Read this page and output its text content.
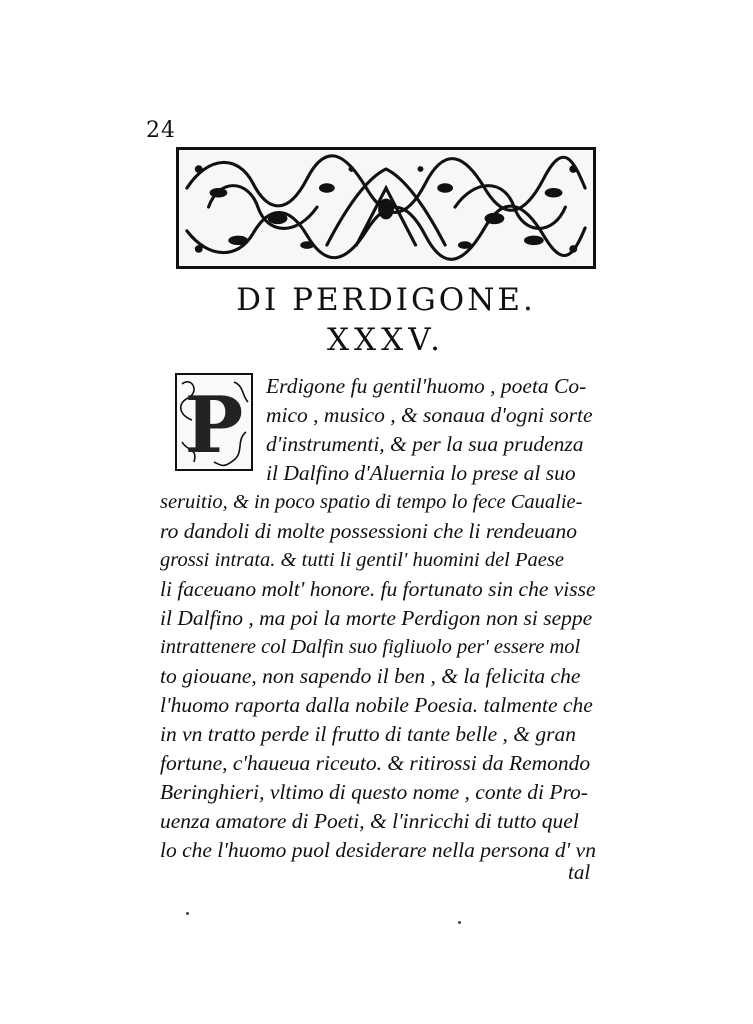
24
DI PERDIGONE.
XXXV.
P Erdigone fu gentil'huomo , poeta Co-
mico , musico , & sonaua d'ogni sorte
d'instrumenti, & per la sua prudenza
il Dalfino d'Aluernia lo prese al suo
seruitio, & in poco spatio di tempo lo fece Caualie-
ro dandoli di molte possessioni che li rendeuano
grossi intrata. & tutti li gentil' huomini del Paese
li faceuano molt' honore. fu fortunato sin che visse
il Dalfino , ma poi la morte Perdigon non si seppe
intrattenere col Dalfin suo figliuolo per' essere mol
to giouane, non sapendo il ben , & la felicita che
l'huomo raporta dalla nobile Poesia. talmente che
in vn tratto perde il frutto di tante belle , & gran
fortune, c'haueua riceuto. & ritirossi da Remondo
Beringhieri, vltimo di questo nome , conte di Pro-
uenza amatore di Poeti, & l'inricchi di tutto quel
lo che l'huomo puol desiderare nella persona d' vn
tal
